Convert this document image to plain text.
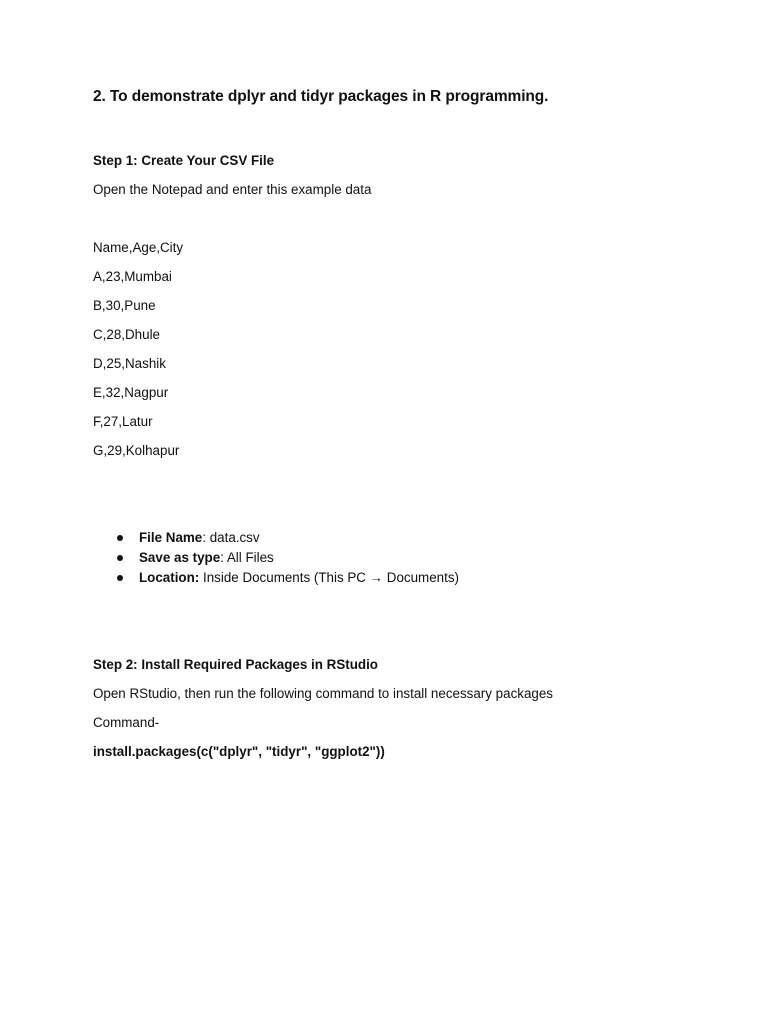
2. To demonstrate dplyr and tidyr packages in R programming.
Step 1: Create Your CSV File
Open the Notepad and enter this example data
Name,Age,City
A,23,Mumbai
B,30,Pune
C,28,Dhule
D,25,Nashik
E,32,Nagpur
F,27,Latur
G,29,Kolhapur
File Name: data.csv
Save as type: All Files
Location: Inside Documents (This PC → Documents)
Step 2: Install Required Packages in RStudio
Open RStudio, then run the following command to install necessary packages
Command-
install.packages(c("dplyr", "tidyr", "ggplot2"))
